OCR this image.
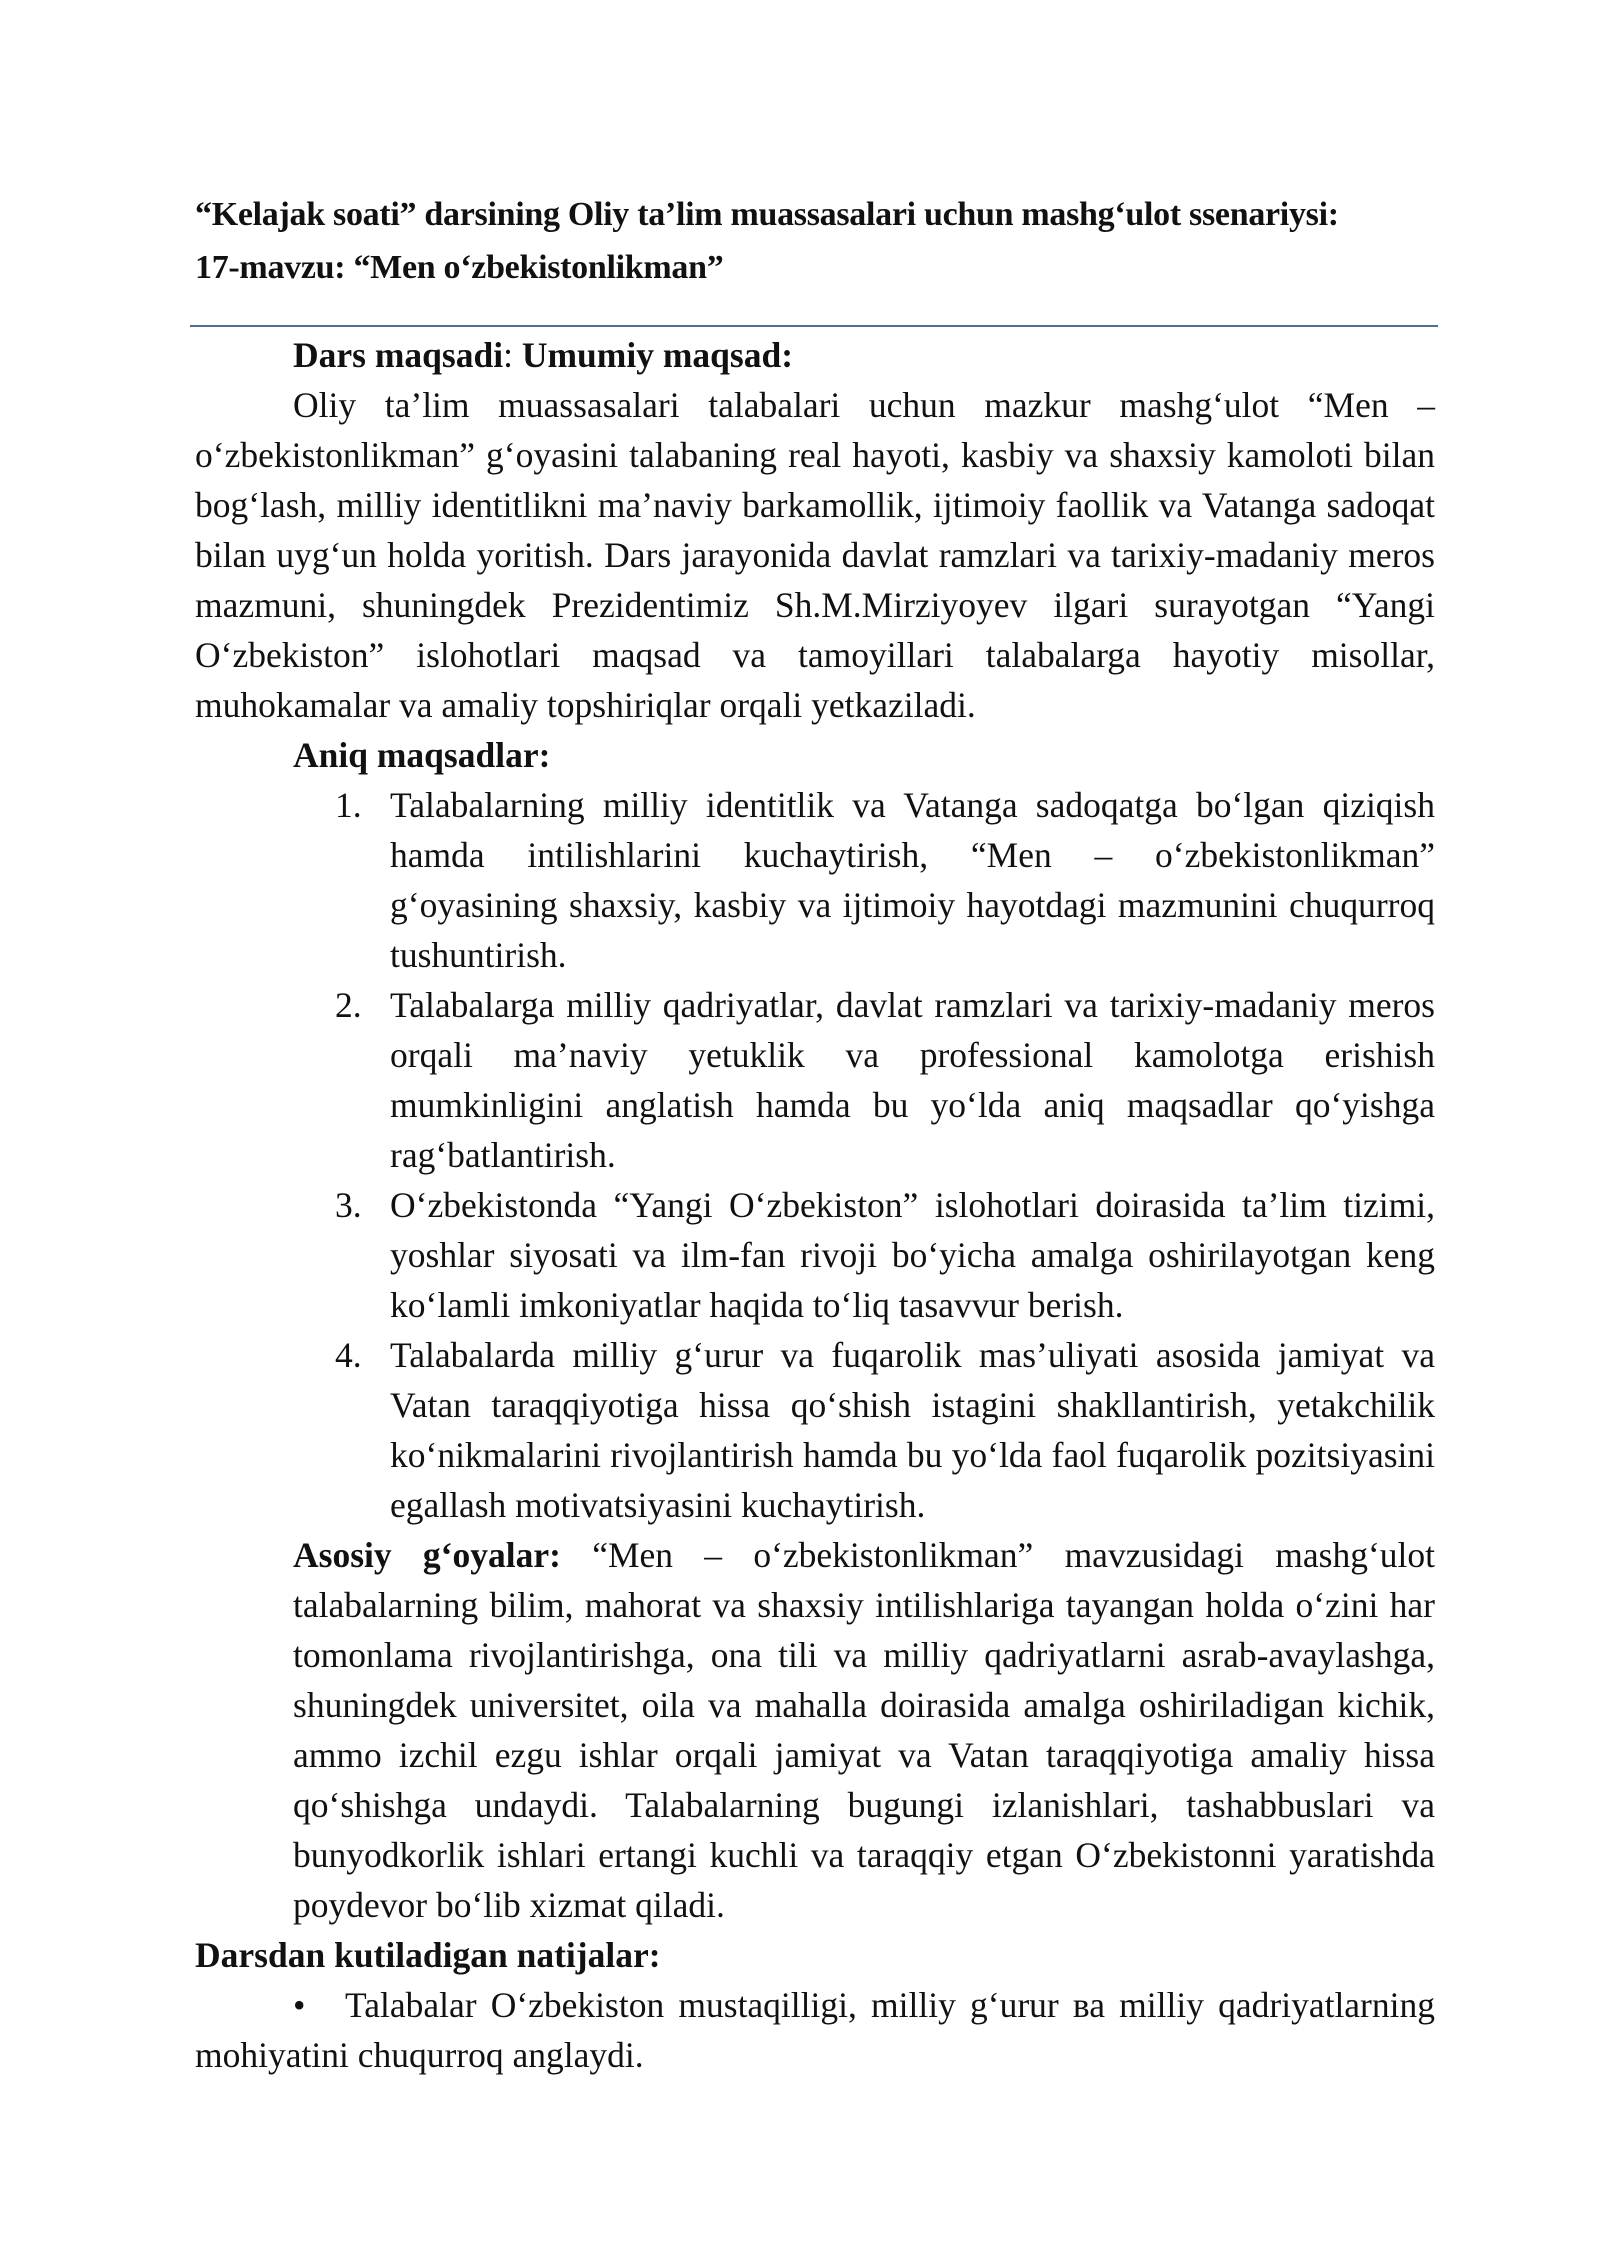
“Kelajak soati” darsining Oliy ta’lim muassasalari uchun mashg‘ulot ssenariysi:
17-mavzu: “Men o‘zbekistonlikman”

Dars maqsadi: Umumiy maqsad:

Oliy ta’lim muassasalari talabalari uchun mazkur mashg‘ulot “Men – o‘zbekistonlikman” g‘oyasini talabaning real hayoti, kasbiy va shaxsiy kamoloti bilan bog‘lash, milliy identitlikni ma’naviy barkamollik, ijtimoiy faollik va Vatanga sadoqat bilan uyg‘un holda yoritish. Dars jarayonida davlat ramzlari va tarixiy-madaniy meros mazmuni, shuningdek Prezidentimiz Sh.M.Mirziyoyev ilgari surayotgan “Yangi O‘zbekiston” islohotlari maqsad va tamoyillari talabalarga hayotiy misollar, muhokamalar va amaliy topshiriqlar orqali yetkaziladi.

Aniq maqsadlar:

1. Talabalarning milliy identitlik va Vatanga sadoqatga bo‘lgan qiziqish hamda intilishlarini kuchaytirish, “Men – o‘zbekistonlikman” g‘oyasining shaxsiy, kasbiy va ijtimoiy hayotdagi mazmunini chuqurroq tushuntirish.
2. Talabalarga milliy qadriyatlar, davlat ramzlari va tarixiy-madaniy meros orqali ma’naviy yetuklik va professional kamolotga erishish mumkinligini anglatish hamda bu yo‘lda aniq maqsadlar qo‘yishga rag‘batlantirish.
3. O‘zbekistonda “Yangi O‘zbekiston” islohotlari doirasida ta’lim tizimi, yoshlar siyosati va ilm-fan rivoji bo‘yicha amalga oshirilayotgan keng ko‘lamli imkoniyatlar haqida to‘liq tasavvur berish.
4. Talabalarda milliy g‘urur va fuqarolik mas’uliyati asosida jamiyat va Vatan taraqqiyotiga hissa qo‘shish istagini shakllantirish, yetakchilik ko‘nikmalarini rivojlantirish hamda bu yo‘lda faol fuqarolik pozitsiyasini egallash motivatsiyasini kuchaytirish.

Asosiy g‘oyalar: “Men – o‘zbekistonlikman” mavzusidagi mashg‘ulot talabalarning bilim, mahorat va shaxsiy intilishlariga tayangan holda o‘zini har tomonlama rivojlantirishga, ona tili va milliy qadriyatlarni asrab-avaylashga, shuningdek universitet, oila va mahalla doirasida amalga oshiriladigan kichik, ammo izchil ezgu ishlar orqali jamiyat va Vatan taraqqiyotiga amaliy hissa qo‘shishga undaydi. Talabalarning bugungi izlanishlari, tashabbuslari va bunyodkorlik ishlari ertangi kuchli va taraqqiy etgan O‘zbekistonni yaratishda poydevor bo‘lib xizmat qiladi.

Darsdan kutiladigan natijalar:

• Talabalar O‘zbekiston mustaqilligi, milliy g‘urur ва milliy qadriyatlarning mohiyatini chuqurroq anglaydi.
